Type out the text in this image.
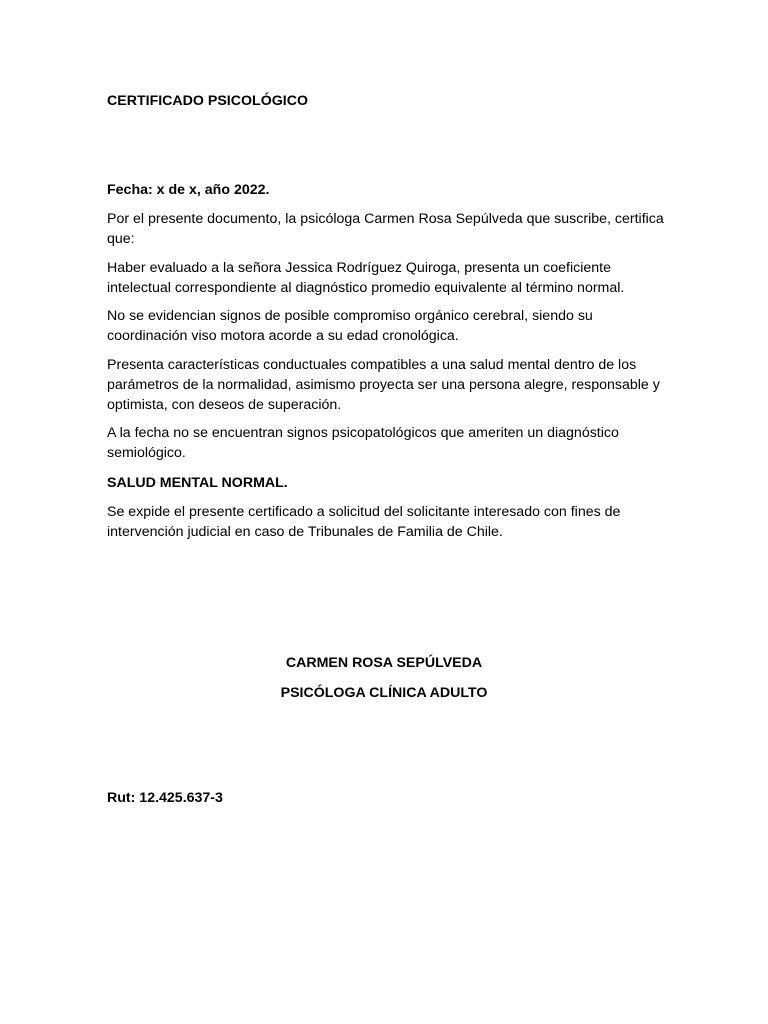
CERTIFICADO PSICOLÓGICO

Fecha: x de x, año 2022.

Por el presente documento, la psicóloga Carmen Rosa Sepúlveda que suscribe, certifica que:

Haber evaluado a la señora Jessica Rodríguez Quiroga, presenta un coeficiente intelectual correspondiente al diagnóstico promedio equivalente al término normal.

No se evidencian signos de posible compromiso orgánico cerebral, siendo su coordinación viso motora acorde a su edad cronológica.

Presenta características conductuales compatibles a una salud mental dentro de los parámetros de la normalidad, asimismo proyecta ser una persona alegre, responsable y optimista, con deseos de superación.

A la fecha no se encuentran signos psicopatológicos que ameriten un diagnóstico semiológico.

SALUD MENTAL NORMAL.

Se expide el presente certificado a solicitud del solicitante interesado con fines de intervención judicial en caso de Tribunales de Familia de Chile.

CARMEN ROSA SEPÚLVEDA

PSICÓLOGA CLÍNICA ADULTO

Rut: 12.425.637-3
